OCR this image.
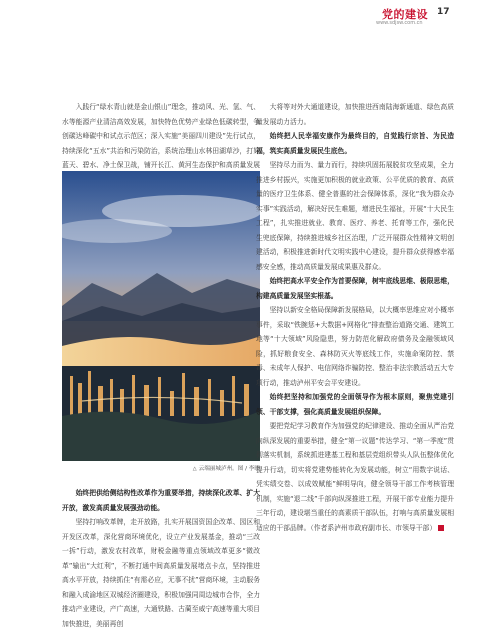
党的建设
www.sdjsw.com.cn
17

入践行“绿水青山就是金山银山”理念，推动风、光、氢、气、水等能源产业清洁高效发展，加快特色优势产业绿色低碳转型，争创碳达峰碳中和试点示范区；深入实施“美丽四川建设”先行试点，持续深化“五水”共治和污染防治，系统治理山水林田湖草沙，打好蓝天、碧水、净土保卫战，铺开长江、黄河生态保护和高质量发展

△ 云端丽城泸州。图 / 李晓

始终把供给侧结构性改革作为重要举措，持续深化改革、扩大开放，激发高质量发展强劲动能。

坚持打响改革牌，走开放路，扎实开展国资国企改革、园区和开发区改革，深化营商环境优化，设立产业发展基金，推动“三改一拆”行动，激发农村改革，财税金融等重点领域改革更多“微改革”输出“大红利”，不断打通中间高质量发展堵点卡点，坚持推进高水平开放，持续抓住“有需必应，无事不扰”营商环境，主动服务和融入成渝地区双城经济圈建设，积极加强同周边城市合作，全力推动产业建设，产广高速，大通铁路、古蔺至威宁高速等重大项目加快推进，美丽再创

大将等对外大通道建设，加快推进西南陆海新通道、绿色高质量发展动力活力。

始终把人民幸福安康作为最终目的，自觉践行宗旨、为民造福，筑实高质量发展民生底色。

坚持尽力而为、量力而行，持续巩固拓展脱贫攻坚成果，全力推进乡村振兴，实施更加积极的就业政策、公平优质的教育、高质量的医疗卫生体系、健全普惠的社会保障体系，深化“我为群众办实事”实践活动，解决好民生难题，增进民生福祉，开展“十大民生工程”，扎实推进就业、教育、医疗、养老、托育等工作，强化民生兜底保障，持续推进城乡社区治理，广泛开展群众性精神文明创建活动，积极推进新时代文明实践中心建设，提升群众获得感幸福感安全感，推动高质量发展成果惠及群众。

始终把高水平安全作为首要保障，树牢底线思维、极限思维，构建高质量发展坚实根基。

坚持以新安全格局保障新发展格局，以大概率思维应对小概率事件，采取“铁腕惩+大数据+网格化”排查整治道路交通、建筑工地等“十大领域”风险隐患，努力防范化解政府债务及金融领域风险，抓好粮食安全、森林防灭火等底线工作，实施命案防控、禁毒、未成年人保护、电信网络诈骗防控、整治非法宗教活动五大专项行动，推动泸州平安会平安建设。

始终把坚持和加强党的全面领导作为根本原则，聚焦党建引领、干部支撑，强化高质量发展组织保障。

要把党纪学习教育作为加强党的纪律建设、推动全面从严治党向纵深发展的重要举措，健全“第一议题”传达学习、“第一季度”贯彻落实机制，系统抓进建基工程和基层党组织带头人队伍整体优化提升行动，切实将党建势能转化为发展动能，树立“用数字说话、凭实绩交卷、以成效赋能”鲜明导向，健全领导干部工作考核管理机制，实施“退二线”千部向纵深推进工程，开展干部专业能力提升三年行动，建设堪当重任的高素质干部队伍，打响与高质量发展相适应的干部品牌。（作者系泸州市政府副市长、市领导干部）
